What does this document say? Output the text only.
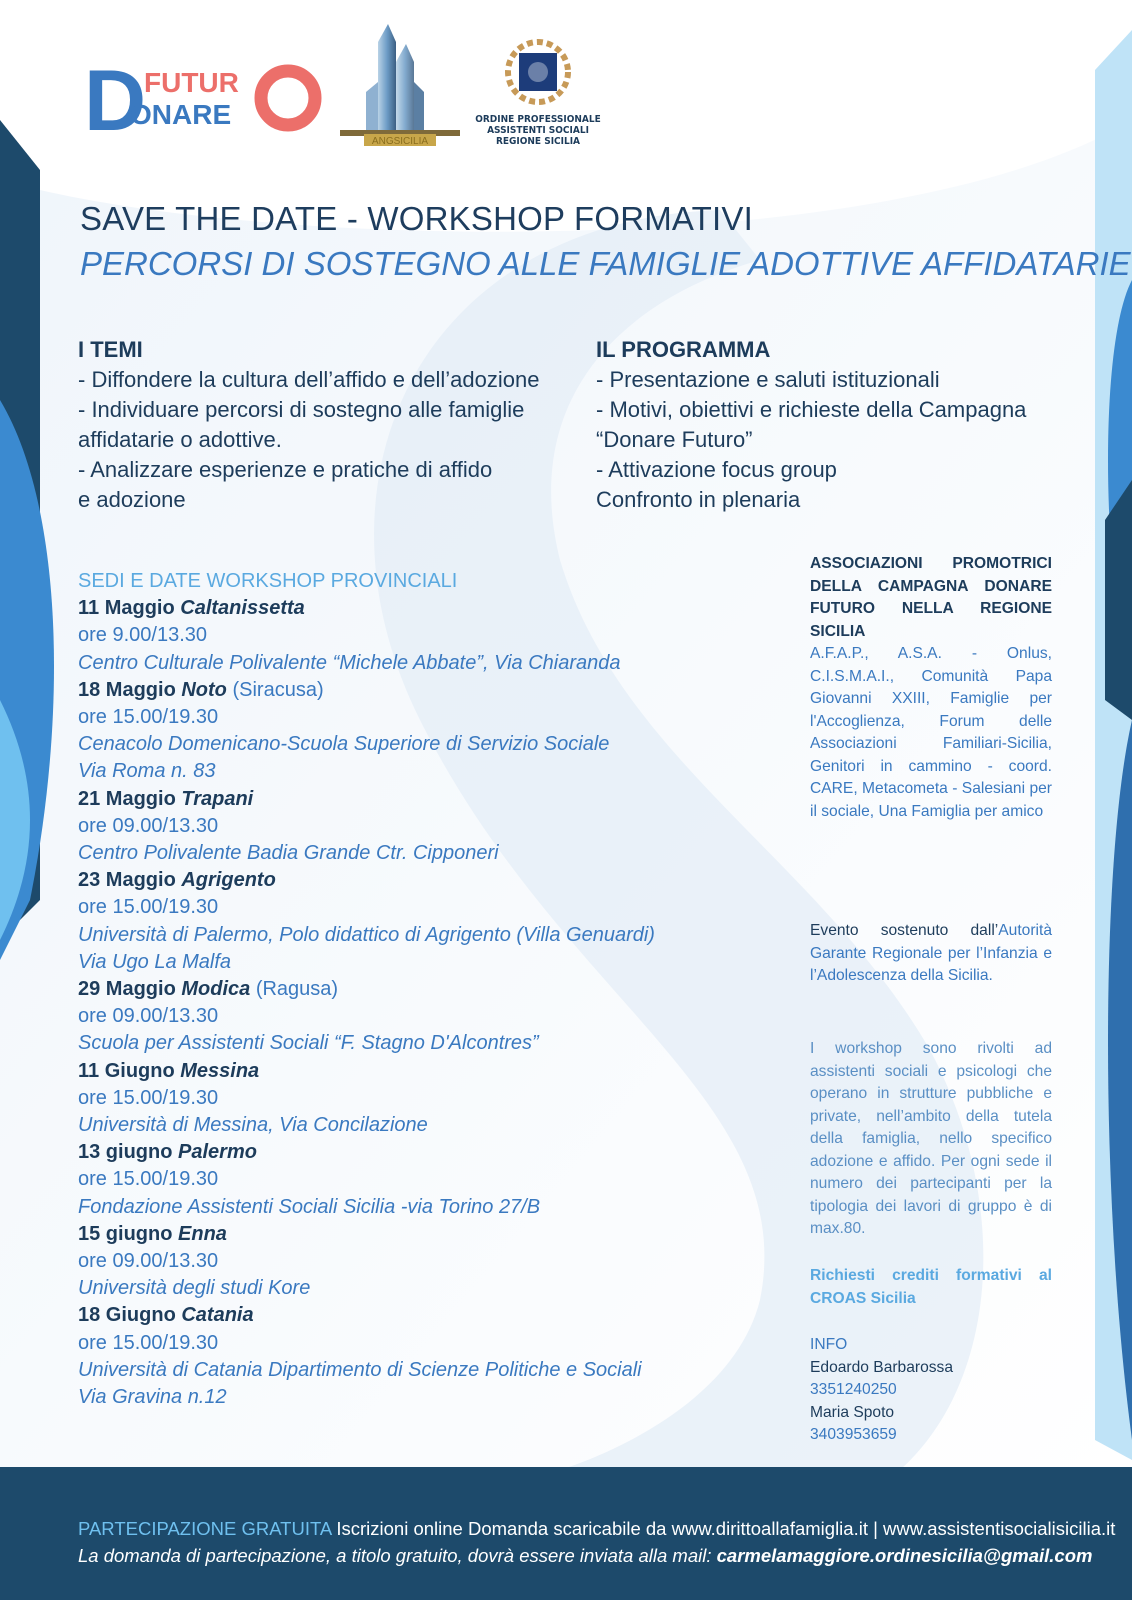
D
FUTUR
ONARE
ANGSICILIA
ORDINE PROFESSIONALE
ASSISTENTI SOCIALI
REGIONE SICILIA
SAVE THE DATE - WORKSHOP FORMATIVI
PERCORSI DI SOSTEGNO ALLE FAMIGLIE ADOTTIVE AFFIDATARIE
I TEMI
- Diffondere la cultura dell’affido e dell’adozione
- Individuare percorsi di sostegno alle famiglie
affidatarie o adottive.
- Analizzare esperienze e pratiche di affido
e adozione
IL PROGRAMMA
- Presentazione e saluti istituzionali
- Motivi, obiettivi e richieste della Campagna
“Donare Futuro”
- Attivazione focus group
Confronto in plenaria
SEDI E DATE WORKSHOP PROVINCIALI
11 Maggio Caltanissetta
ore 9.00/13.30
Centro Culturale Polivalente “Michele Abbate”, Via Chiaranda
18 Maggio Noto (Siracusa)
ore 15.00/19.30
Cenacolo Domenicano-Scuola Superiore di Servizio Sociale
Via Roma n. 83
21 Maggio Trapani
ore 09.00/13.30
Centro Polivalente Badia Grande Ctr. Cipponeri
23 Maggio Agrigento
ore 15.00/19.30
Università di Palermo, Polo didattico di Agrigento (Villa Genuardi)
Via Ugo La Malfa
29 Maggio Modica (Ragusa)
ore 09.00/13.30
Scuola per Assistenti Sociali “F. Stagno D'Alcontres”
11 Giugno Messina
ore 15.00/19.30
Università di Messina, Via Concilazione
13 giugno Palermo
ore 15.00/19.30
Fondazione Assistenti Sociali Sicilia -via Torino 27/B
15 giugno Enna
ore 09.00/13.30
Università degli studi Kore
18 Giugno Catania
ore 15.00/19.30
Università di Catania Dipartimento di Scienze Politiche e Sociali
Via Gravina n.12
ASSOCIAZIONI PROMOTRICI DELLA CAMPAGNA DONARE FUTURO NELLA REGIONE SICILIA
A.F.A.P., A.S.A. - Onlus, C.I.S.M.A.I., Comunità Papa Giovanni XXIII, Famiglie per l'Accoglienza, Forum delle Associazioni Familiari-Sicilia, Genitori in cammino - coord. CARE, Metacometa - Salesiani per il sociale, Una Famiglia per amico
Evento sostenuto dall’Autorità Garante Regionale per l’Infanzia e l’Adolescenza della Sicilia.
I workshop sono rivolti ad assistenti sociali e psicologi che operano in strutture pubbliche e private, nell’ambito della tutela della famiglia, nello specifico adozione e affido. Per ogni sede il numero dei partecipanti per la tipologia dei lavori di gruppo è di max.80.
Richiesti crediti formativi al CROAS Sicilia
INFO
Edoardo Barbarossa
3351240250
Maria Spoto
3403953659
PARTECIPAZIONE GRATUITA Iscrizioni online Domanda scaricabile da www.dirittoallafamiglia.it | www.assistentisocialisicilia.it
La domanda di partecipazione, a titolo gratuito, dovrà essere inviata alla mail: carmelamaggiore.ordinesicilia@gmail.com
